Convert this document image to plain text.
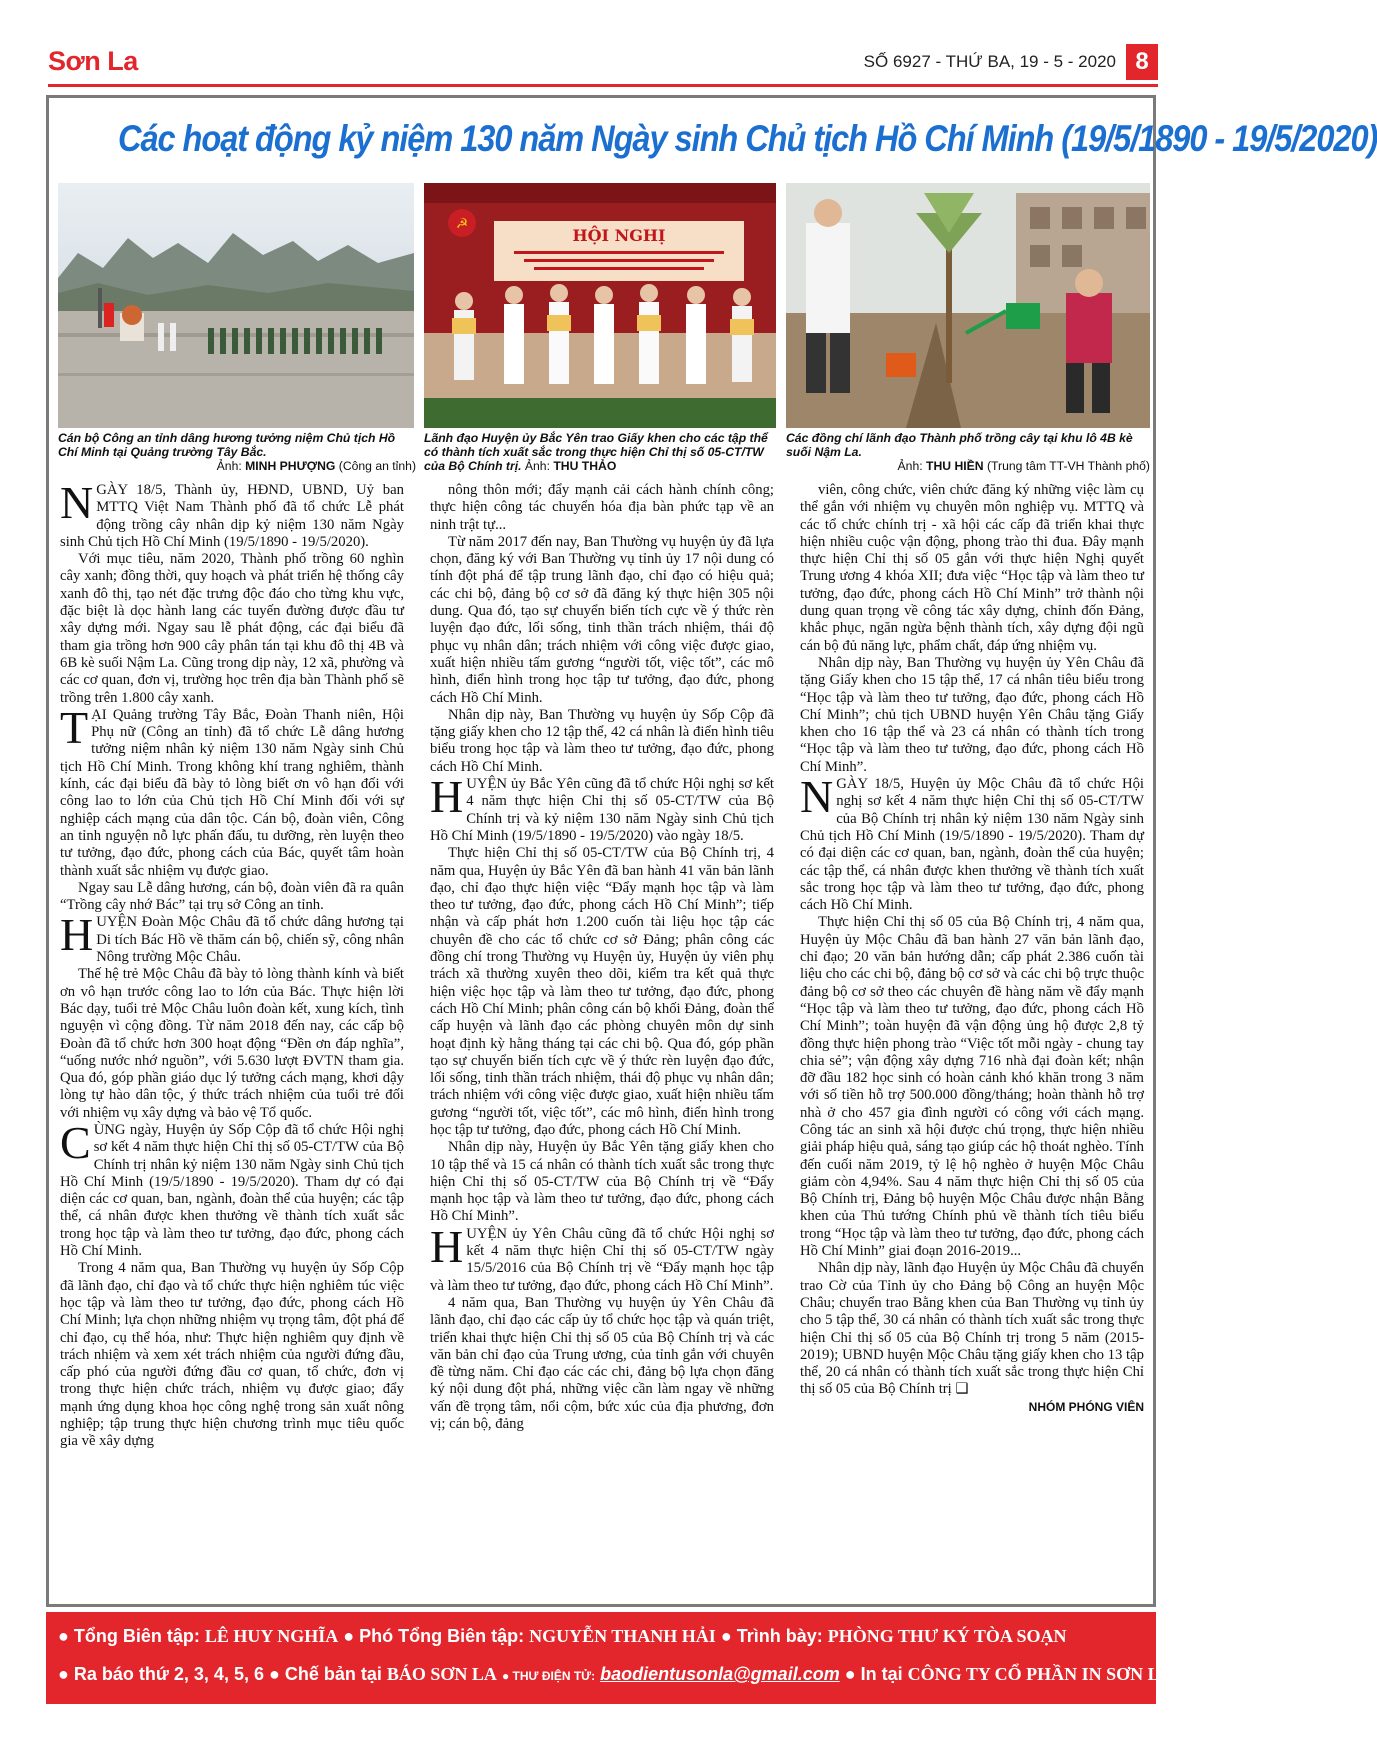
Sơn La	SỐ 6927 - THỨ BA, 19 - 5 - 2020 8
Các hoạt động kỷ niệm 130 năm Ngày sinh Chủ tịch Hồ Chí Minh (19/5/1890 - 19/5/2020)
☭
HỘI NGHỊ
Cán bộ Công an tỉnh dâng hương tưởng niệm Chủ tịch Hồ Chí Minh tại Quảng trường Tây Bắc.
Ảnh: MINH PHƯỢNG (Công an tỉnh)
Lãnh đạo Huyện ủy Bắc Yên trao Giấy khen cho các tập thể có thành tích xuất sắc trong thực hiện Chỉ thị số 05-CT/TW của Bộ Chính trị. Ảnh: THU THẢO
Các đồng chí lãnh đạo Thành phố trồng cây tại khu lô 4B kè suối Nậm La.
Ảnh: THU HIỀN (Trung tâm TT-VH Thành phố)

NGÀY 18/5, Thành ủy, HĐND, UBND, Uỷ ban MTTQ Việt Nam Thành phố đã tổ chức Lễ phát động trồng cây nhân dịp kỷ niệm 130 năm Ngày sinh Chủ tịch Hồ Chí Minh (19/5/1890 - 19/5/2020).

Với mục tiêu, năm 2020, Thành phố trồng 60 nghìn cây xanh; đồng thời, quy hoạch và phát triển hệ thống cây xanh đô thị, tạo nét đặc trưng độc đáo cho từng khu vực, đặc biệt là dọc hành lang các tuyến đường được đầu tư xây dựng mới. Ngay sau lễ phát động, các đại biểu đã tham gia trồng hơn 900 cây phân tán tại khu đô thị 4B và 6B kè suối Nậm La. Cũng trong dịp này, 12 xã, phường và các cơ quan, đơn vị, trường học trên địa bàn Thành phố sẽ trồng trên 1.800 cây xanh.

TẠI Quảng trường Tây Bắc, Đoàn Thanh niên, Hội Phụ nữ (Công an tỉnh) đã tổ chức Lễ dâng hương tưởng niệm nhân kỷ niệm 130 năm Ngày sinh Chủ tịch Hồ Chí Minh. Trong không khí trang nghiêm, thành kính, các đại biểu đã bày tỏ lòng biết ơn vô hạn đối với công lao to lớn của Chủ tịch Hồ Chí Minh đối với sự nghiệp cách mạng của dân tộc. Cán bộ, đoàn viên, Công an tỉnh nguyện nỗ lực phấn đấu, tu dưỡng, rèn luyện theo tư tưởng, đạo đức, phong cách của Bác, quyết tâm hoàn thành xuất sắc nhiệm vụ được giao.

Ngay sau Lễ dâng hương, cán bộ, đoàn viên đã ra quân “Trồng cây nhớ Bác” tại trụ sở Công an tỉnh.

HUYỆN Đoàn Mộc Châu đã tổ chức dâng hương tại Di tích Bác Hồ về thăm cán bộ, chiến sỹ, công nhân Nông trường Mộc Châu.

Thế hệ trẻ Mộc Châu đã bày tỏ lòng thành kính và biết ơn vô hạn trước công lao to lớn của Bác. Thực hiện lời Bác dạy, tuổi trẻ Mộc Châu luôn đoàn kết, xung kích, tình nguyện vì cộng đồng. Từ năm 2018 đến nay, các cấp bộ Đoàn đã tổ chức hơn 300 hoạt động “Đền ơn đáp nghĩa”, “uống nước nhớ nguồn”, với 5.630 lượt ĐVTN tham gia. Qua đó, góp phần giáo dục lý tưởng cách mạng, khơi dậy lòng tự hào dân tộc, ý thức trách nhiệm của tuổi trẻ đối với nhiệm vụ xây dựng và bảo vệ Tổ quốc.

CÙNG ngày, Huyện ủy Sốp Cộp đã tổ chức Hội nghị sơ kết 4 năm thực hiện Chỉ thị số 05-CT/TW của Bộ Chính trị nhân kỷ niệm 130 năm Ngày sinh Chủ tịch Hồ Chí Minh (19/5/1890 - 19/5/2020). Tham dự có đại diện các cơ quan, ban, ngành, đoàn thể của huyện; các tập thể, cá nhân được khen thưởng về thành tích xuất sắc trong học tập và làm theo tư tưởng, đạo đức, phong cách Hồ Chí Minh.

Trong 4 năm qua, Ban Thường vụ huyện ủy Sốp Cộp đã lãnh đạo, chỉ đạo và tổ chức thực hiện nghiêm túc việc học tập và làm theo tư tưởng, đạo đức, phong cách Hồ Chí Minh; lựa chọn những nhiệm vụ trọng tâm, đột phá để chỉ đạo, cụ thể hóa, như: Thực hiện nghiêm quy định về trách nhiệm và xem xét trách nhiệm của người đứng đầu, cấp phó của người đứng đầu cơ quan, tổ chức, đơn vị trong thực hiện chức trách, nhiệm vụ được giao; đẩy mạnh ứng dụng khoa học công nghệ trong sản xuất nông nghiệp; tập trung thực hiện chương trình mục tiêu quốc gia về xây dựng

nông thôn mới; đẩy mạnh cải cách hành chính công; thực hiện công tác chuyển hóa địa bàn phức tạp về an ninh trật tự...

Từ năm 2017 đến nay, Ban Thường vụ huyện ủy đã lựa chọn, đăng ký với Ban Thường vụ tỉnh ủy 17 nội dung có tính đột phá để tập trung lãnh đạo, chỉ đạo có hiệu quả; các chi bộ, đảng bộ cơ sở đã đăng ký thực hiện 305 nội dung. Qua đó, tạo sự chuyển biến tích cực về ý thức rèn luyện đạo đức, lối sống, tinh thần trách nhiệm, thái độ phục vụ nhân dân; trách nhiệm với công việc được giao, xuất hiện nhiều tấm gương “người tốt, việc tốt”, các mô hình, điển hình trong học tập tư tưởng, đạo đức, phong cách Hồ Chí Minh.

Nhân dịp này, Ban Thường vụ huyện ủy Sốp Cộp đã tặng giấy khen cho 12 tập thể, 42 cá nhân là điển hình tiêu biểu trong học tập và làm theo tư tưởng, đạo đức, phong cách Hồ Chí Minh.

HUYỆN ủy Bắc Yên cũng đã tổ chức Hội nghị sơ kết 4 năm thực hiện Chỉ thị số 05-CT/TW của Bộ Chính trị và kỷ niệm 130 năm Ngày sinh Chủ tịch Hồ Chí Minh (19/5/1890 - 19/5/2020) vào ngày 18/5.

Thực hiện Chỉ thị số 05-CT/TW của Bộ Chính trị, 4 năm qua, Huyện ủy Bắc Yên đã ban hành 41 văn bản lãnh đạo, chỉ đạo thực hiện việc “Đẩy mạnh học tập và làm theo tư tưởng, đạo đức, phong cách Hồ Chí Minh”; tiếp nhận và cấp phát hơn 1.200 cuốn tài liệu học tập các chuyên đề cho các tổ chức cơ sở Đảng; phân công các đồng chí trong Thường vụ Huyện ủy, Huyện ủy viên phụ trách xã thường xuyên theo dõi, kiểm tra kết quả thực hiện việc học tập và làm theo tư tưởng, đạo đức, phong cách Hồ Chí Minh; phân công cán bộ khối Đảng, đoàn thể cấp huyện và lãnh đạo các phòng chuyên môn dự sinh hoạt định kỳ hằng tháng tại các chi bộ. Qua đó, góp phần tạo sự chuyển biến tích cực về ý thức rèn luyện đạo đức, lối sống, tinh thần trách nhiệm, thái độ phục vụ nhân dân; trách nhiệm với công việc được giao, xuất hiện nhiều tấm gương “người tốt, việc tốt”, các mô hình, điển hình trong học tập tư tưởng, đạo đức, phong cách Hồ Chí Minh.

Nhân dịp này, Huyện ủy Bắc Yên tặng giấy khen cho 10 tập thể và 15 cá nhân có thành tích xuất sắc trong thực hiện Chỉ thị số 05-CT/TW của Bộ Chính trị về “Đẩy mạnh học tập và làm theo tư tưởng, đạo đức, phong cách Hồ Chí Minh”.

HUYỆN ủy Yên Châu cũng đã tổ chức Hội nghị sơ kết 4 năm thực hiện Chỉ thị số 05-CT/TW ngày 15/5/2016 của Bộ Chính trị về “Đẩy mạnh học tập và làm theo tư tưởng, đạo đức, phong cách Hồ Chí Minh”.

4 năm qua, Ban Thường vụ huyện ủy Yên Châu đã lãnh đạo, chỉ đạo các cấp ủy tổ chức học tập và quán triệt, triển khai thực hiện Chỉ thị số 05 của Bộ Chính trị và các văn bản chỉ đạo của Trung ương, của tỉnh gắn với chuyên đề từng năm. Chỉ đạo các các chi, đảng bộ lựa chọn đăng ký nội dung đột phá, những việc cần làm ngay về những vấn đề trọng tâm, nổi cộm, bức xúc của địa phương, đơn vị; cán bộ, đảng

viên, công chức, viên chức đăng ký những việc làm cụ thể gắn với nhiệm vụ chuyên môn nghiệp vụ. MTTQ và các tổ chức chính trị - xã hội các cấp đã triển khai thực hiện nhiều cuộc vận động, phong trào thi đua. Đây mạnh thực hiện Chỉ thị số 05 gắn với thực hiện Nghị quyết Trung ương 4 khóa XII; đưa việc “Học tập và làm theo tư tưởng, đạo đức, phong cách Hồ Chí Minh” trở thành nội dung quan trọng về công tác xây dựng, chỉnh đốn Đảng, khắc phục, ngăn ngừa bệnh thành tích, xây dựng đội ngũ cán bộ đủ năng lực, phẩm chất, đáp ứng nhiệm vụ.

Nhân dịp này, Ban Thường vụ huyện ủy Yên Châu đã tặng Giấy khen cho 15 tập thể, 17 cá nhân tiêu biểu trong “Học tập và làm theo tư tưởng, đạo đức, phong cách Hồ Chí Minh”; chủ tịch UBND huyện Yên Châu tặng Giấy khen cho 16 tập thể và 23 cá nhân có thành tích trong “Học tập và làm theo tư tưởng, đạo đức, phong cách Hồ Chí Minh”.

NGÀY 18/5, Huyện ủy Mộc Châu đã tổ chức Hội nghị sơ kết 4 năm thực hiện Chỉ thị số 05-CT/TW của Bộ Chính trị nhân kỷ niệm 130 năm Ngày sinh Chủ tịch Hồ Chí Minh (19/5/1890 - 19/5/2020). Tham dự có đại diện các cơ quan, ban, ngành, đoàn thể của huyện; các tập thể, cá nhân được khen thưởng về thành tích xuất sắc trong học tập và làm theo tư tưởng, đạo đức, phong cách Hồ Chí Minh.

Thực hiện Chỉ thị số 05 của Bộ Chính trị, 4 năm qua, Huyện ủy Mộc Châu đã ban hành 27 văn bản lãnh đạo, chỉ đạo; 20 văn bản hướng dẫn; cấp phát 2.386 cuốn tài liệu cho các chi bộ, đảng bộ cơ sở và các chi bộ trực thuộc đảng bộ cơ sở theo các chuyên đề hàng năm về đẩy mạnh “Học tập và làm theo tư tưởng, đạo đức, phong cách Hồ Chí Minh”; toàn huyện đã vận động ủng hộ được 2,8 tỷ đồng thực hiện phong trào “Việc tốt mỗi ngày - chung tay chia sẻ”; vận động xây dựng 716 nhà đại đoàn kết; nhận đỡ đầu 182 học sinh có hoàn cảnh khó khăn trong 3 năm với số tiền hỗ trợ 500.000 đồng/tháng; hoàn thành hỗ trợ nhà ở cho 457 gia đình người có công với cách mạng. Công tác an sinh xã hội được chú trọng, thực hiện nhiều giải pháp hiệu quả, sáng tạo giúp các hộ thoát nghèo. Tính đến cuối năm 2019, tỷ lệ hộ nghèo ở huyện Mộc Châu giảm còn 4,94%. Sau 4 năm thực hiện Chỉ thị số 05 của Bộ Chính trị, Đảng bộ huyện Mộc Châu được nhận Bằng khen của Thủ tướng Chính phủ về thành tích tiêu biểu trong “Học tập và làm theo tư tưởng, đạo đức, phong cách Hồ Chí Minh” giai đoạn 2016-2019...

Nhân dịp này, lãnh đạo Huyện ủy Mộc Châu đã chuyển trao Cờ của Tỉnh ủy cho Đảng bộ Công an huyện Mộc Châu; chuyển trao Bằng khen của Ban Thường vụ tỉnh ủy cho 5 tập thể, 30 cá nhân có thành tích xuất sắc trong thực hiện Chỉ thị số 05 của Bộ Chính trị trong 5 năm (2015-2019); UBND huyện Mộc Châu tặng giấy khen cho 13 tập thể, 20 cá nhân có thành tích xuất sắc trong thực hiện Chỉ thị số 05 của Bộ Chính trị ❑

NHÓM PHÓNG VIÊN
● Tổng Biên tập: LÊ HUY NGHĨA ● Phó Tổng Biên tập: NGUYỄN THANH HẢI ● Trình bày: PHÒNG THƯ KÝ TÒA SOẠN
● Ra báo thứ 2, 3, 4, 5, 6 ● Chế bản tại BÁO SƠN LA ● THƯ ĐIỆN TỬ: baodientusonla@gmail.com ● In tại CÔNG TY CỔ PHẦN IN SƠN LA ● Giá 2.000đ
